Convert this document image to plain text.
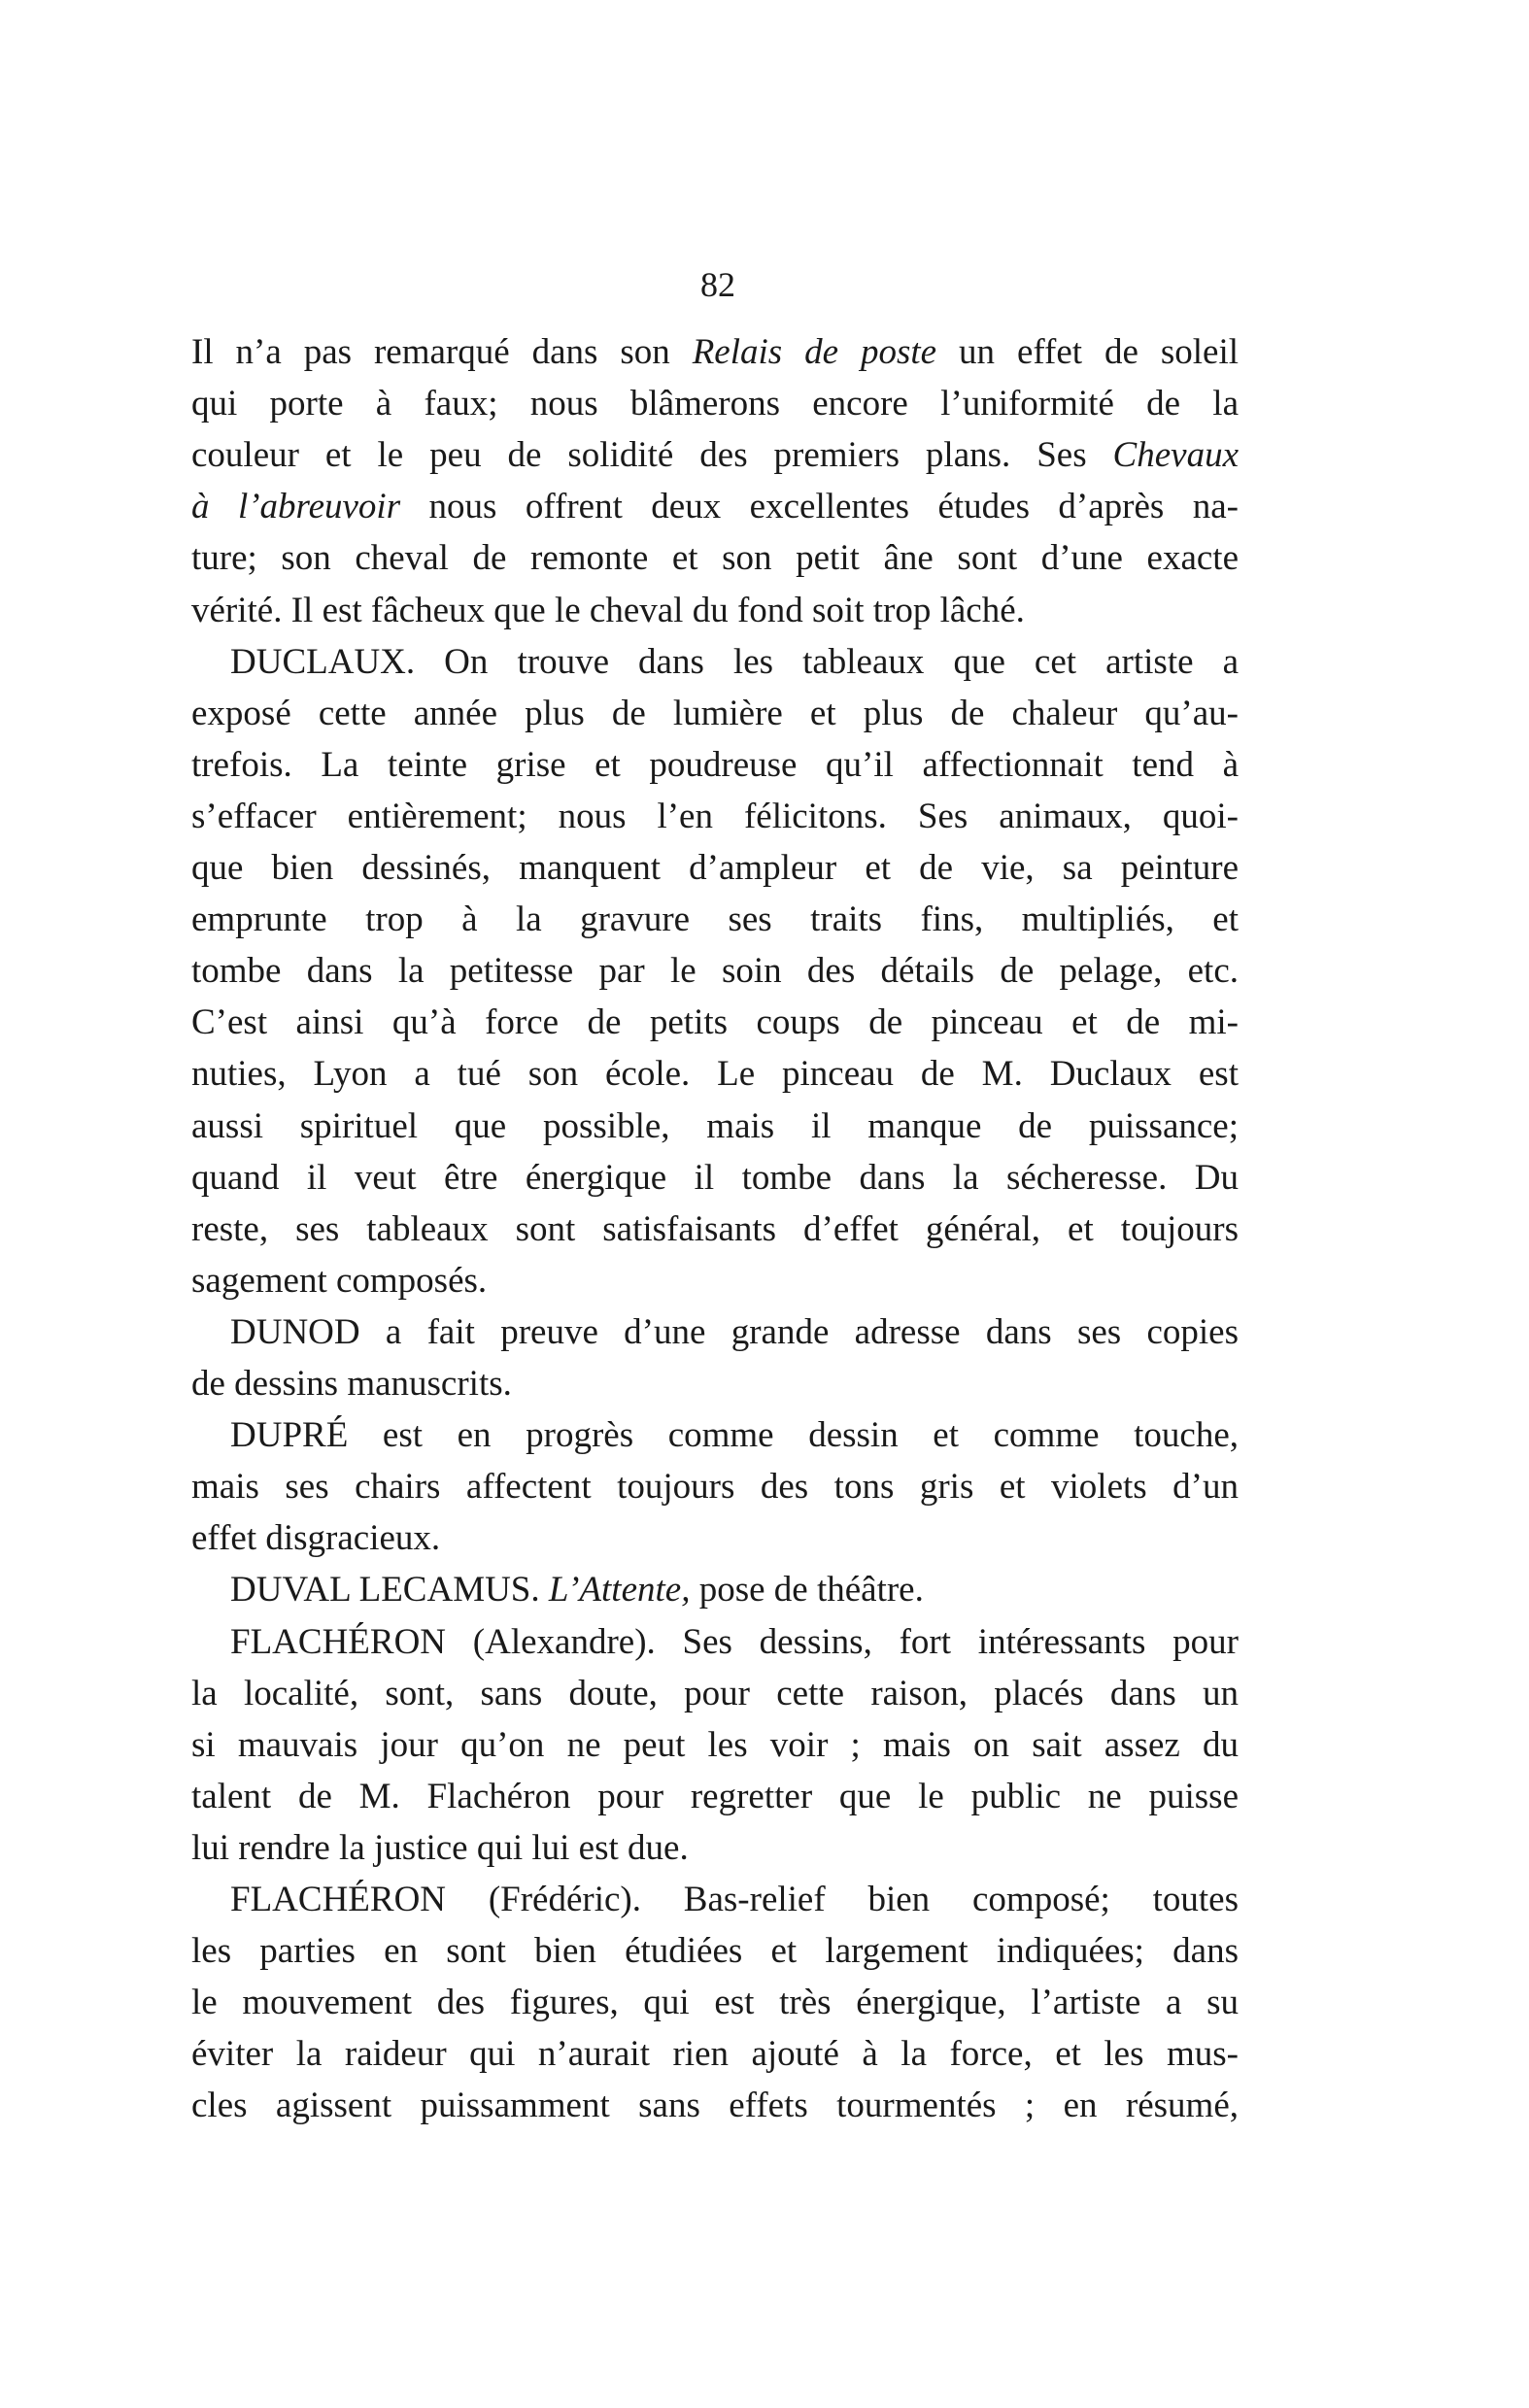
82
Il n’a pas remarqué dans son Relais de poste un effet de soleil
qui porte à faux; nous blâmerons encore l’uniformité de la
couleur et le peu de solidité des premiers plans. Ses Chevaux
à l’abreuvoir nous offrent deux excellentes études d’après na-
ture; son cheval de remonte et son petit âne sont d’une exacte
vérité. Il est fâcheux que le cheval du fond soit trop lâché.
DUCLAUX. On trouve dans les tableaux que cet artiste a
exposé cette année plus de lumière et plus de chaleur qu’au-
trefois. La teinte grise et poudreuse qu’il affectionnait tend à
s’effacer entièrement; nous l’en félicitons. Ses animaux, quoi-
que bien dessinés, manquent d’ampleur et de vie, sa peinture
emprunte trop à la gravure ses traits fins, multipliés, et
tombe dans la petitesse par le soin des détails de pelage, etc.
C’est ainsi qu’à force de petits coups de pinceau et de mi-
nuties, Lyon a tué son école. Le pinceau de M. Duclaux est
aussi spirituel que possible, mais il manque de puissance;
quand il veut être énergique il tombe dans la sécheresse. Du
reste, ses tableaux sont satisfaisants d’effet général, et toujours
sagement composés.
DUNOD a fait preuve d’une grande adresse dans ses copies
de dessins manuscrits.
DUPRÉ est en progrès comme dessin et comme touche,
mais ses chairs affectent toujours des tons gris et violets d’un
effet disgracieux.
DUVAL LECAMUS. L’Attente, pose de théâtre.
FLACHÉRON (Alexandre). Ses dessins, fort intéressants pour
la localité, sont, sans doute, pour cette raison, placés dans un
si mauvais jour qu’on ne peut les voir ; mais on sait assez du
talent de M. Flachéron pour regretter que le public ne puisse
lui rendre la justice qui lui est due.
FLACHÉRON (Frédéric). Bas-relief bien composé; toutes
les parties en sont bien étudiées et largement indiquées; dans
le mouvement des figures, qui est très énergique, l’artiste a su
éviter la raideur qui n’aurait rien ajouté à la force, et les mus-
cles agissent puissamment sans effets tourmentés ; en résumé,
